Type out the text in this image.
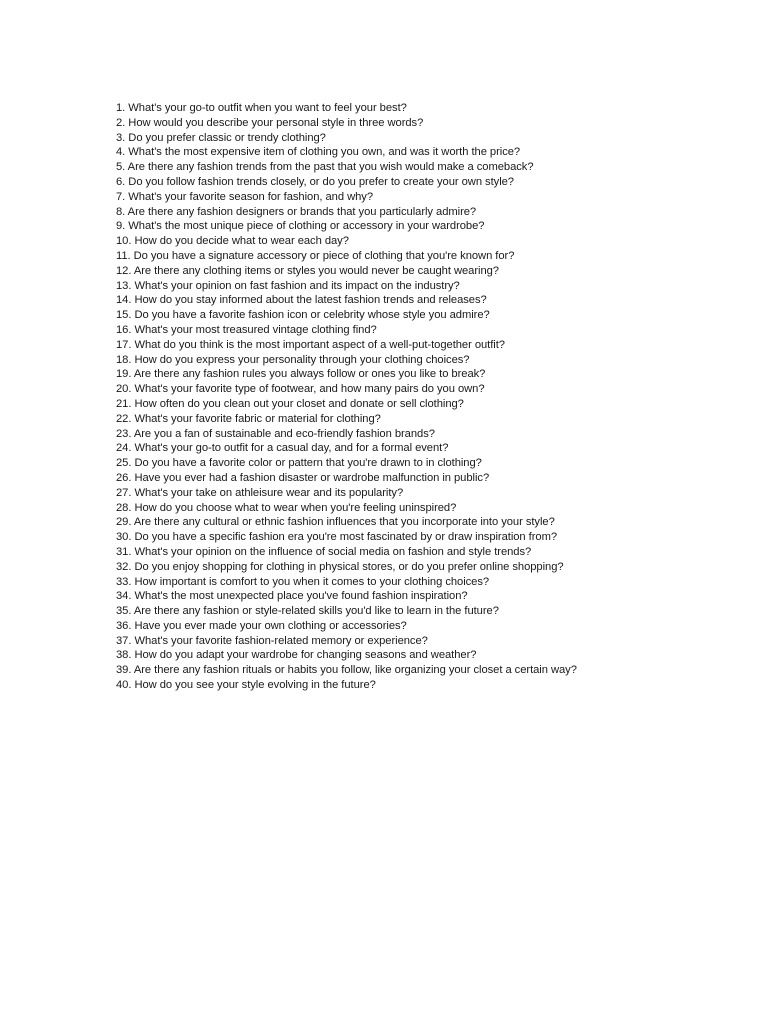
1. What's your go-to outfit when you want to feel your best?
2. How would you describe your personal style in three words?
3. Do you prefer classic or trendy clothing?
4. What's the most expensive item of clothing you own, and was it worth the price?
5. Are there any fashion trends from the past that you wish would make a comeback?
6. Do you follow fashion trends closely, or do you prefer to create your own style?
7. What's your favorite season for fashion, and why?
8. Are there any fashion designers or brands that you particularly admire?
9. What's the most unique piece of clothing or accessory in your wardrobe?
10. How do you decide what to wear each day?
11. Do you have a signature accessory or piece of clothing that you're known for?
12. Are there any clothing items or styles you would never be caught wearing?
13. What's your opinion on fast fashion and its impact on the industry?
14. How do you stay informed about the latest fashion trends and releases?
15. Do you have a favorite fashion icon or celebrity whose style you admire?
16. What's your most treasured vintage clothing find?
17. What do you think is the most important aspect of a well-put-together outfit?
18. How do you express your personality through your clothing choices?
19. Are there any fashion rules you always follow or ones you like to break?
20. What's your favorite type of footwear, and how many pairs do you own?
21. How often do you clean out your closet and donate or sell clothing?
22. What's your favorite fabric or material for clothing?
23. Are you a fan of sustainable and eco-friendly fashion brands?
24. What's your go-to outfit for a casual day, and for a formal event?
25. Do you have a favorite color or pattern that you're drawn to in clothing?
26. Have you ever had a fashion disaster or wardrobe malfunction in public?
27. What's your take on athleisure wear and its popularity?
28. How do you choose what to wear when you're feeling uninspired?
29. Are there any cultural or ethnic fashion influences that you incorporate into your style?
30. Do you have a specific fashion era you're most fascinated by or draw inspiration from?
31. What's your opinion on the influence of social media on fashion and style trends?
32. Do you enjoy shopping for clothing in physical stores, or do you prefer online shopping?
33. How important is comfort to you when it comes to your clothing choices?
34. What's the most unexpected place you've found fashion inspiration?
35. Are there any fashion or style-related skills you'd like to learn in the future?
36. Have you ever made your own clothing or accessories?
37. What's your favorite fashion-related memory or experience?
38. How do you adapt your wardrobe for changing seasons and weather?
39. Are there any fashion rituals or habits you follow, like organizing your closet a certain way?
40. How do you see your style evolving in the future?
